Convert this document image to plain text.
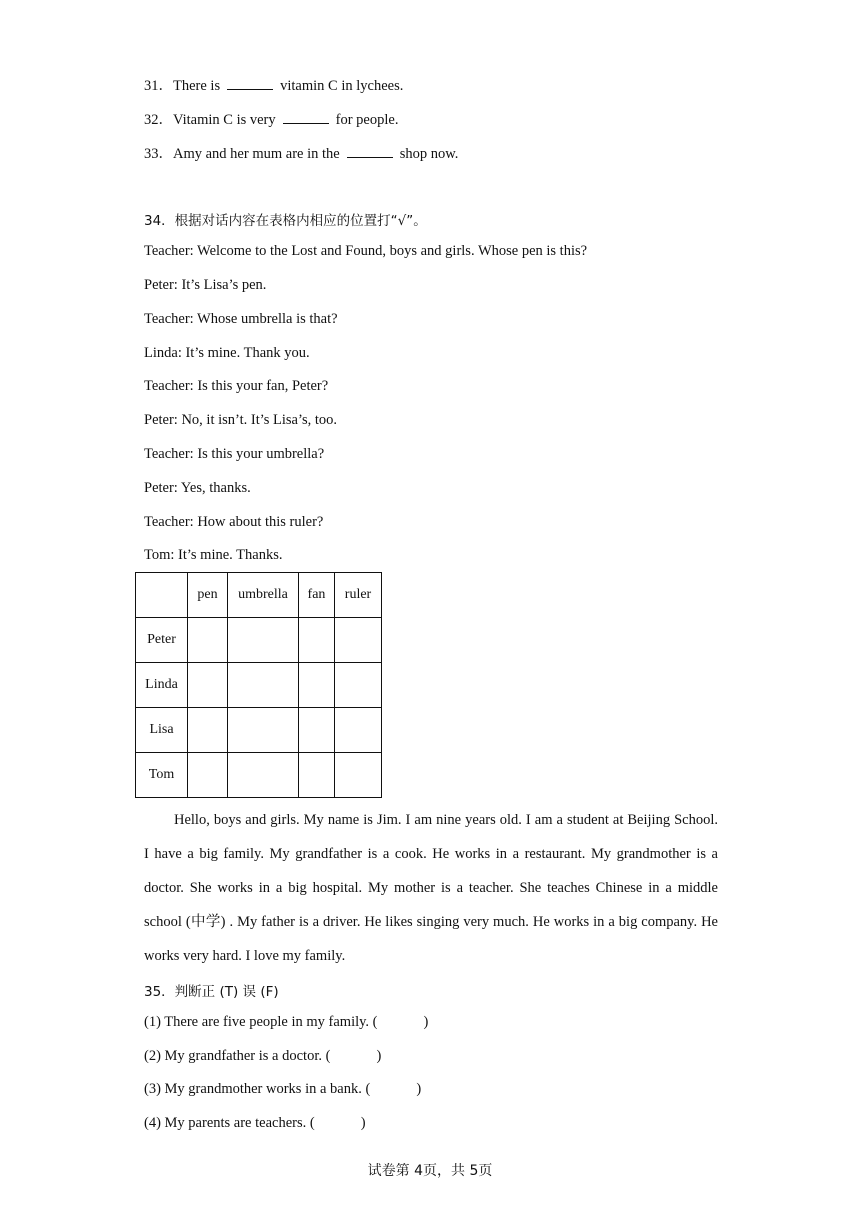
31．There is	vitamin C in lychees.
32．Vitamin C is very	for people.
33．Amy and her mum are in the	shop now.
34．根据对话内容在表格内相应的位置打“√”。
Teacher: Welcome to the Lost and Found, boys and girls. Whose pen is this?
Peter: It’s Lisa’s pen.
Teacher: Whose umbrella is that?
Linda: It’s mine. Thank you.
Teacher: Is this your fan, Peter?
Peter: No, it isn’t. It’s Lisa’s, too.
Teacher: Is this your umbrella?
Peter: Yes, thanks.
Teacher: How about this ruler?
Tom: It’s mine. Thanks.
	pen	umbrella	fan	ruler
Peter				
Linda				
Lisa				
Tom				
Hello, boys and girls. My name is Jim. I am nine years old. I am a student at Beijing School. I have a big family. My grandfather is a cook. He works in a restaurant. My grandmother is a doctor. She works in a big hospital. My mother is a teacher. She teaches Chinese in a middle school (中学) . My father is a driver. He likes singing very much. He works in a big company. He works very hard. I love my family.
35．判断正 (T) 误 (F)
(1) There are five people in my family. (	)
(2) My grandfather is a doctor. (	)
(3) My grandmother works in a bank. (	)
(4) My parents are teachers. (	)
试卷第 4页，共 5页
